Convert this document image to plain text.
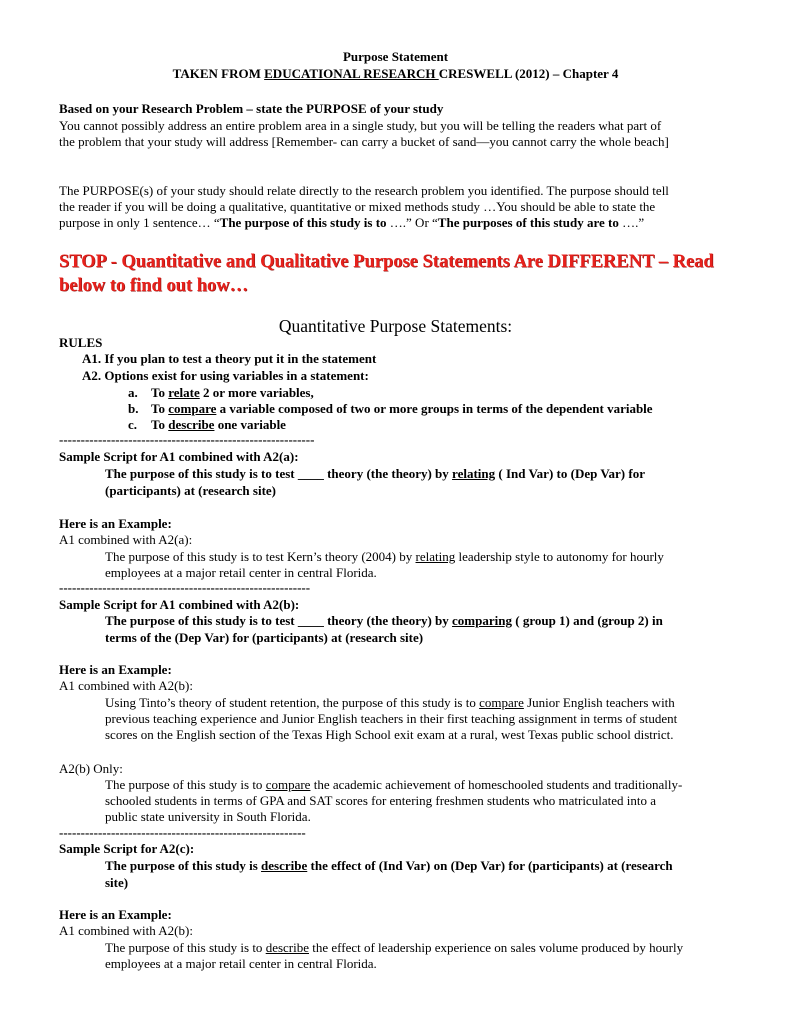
Purpose Statement
TAKEN FROM EDUCATIONAL RESEARCH CRESWELL (2012) – Chapter 4
Based on your Research Problem – state the PURPOSE of your study
You cannot possibly address an entire problem area in a single study, but you will be telling the readers what part of
the problem that your study will address [Remember- can carry a bucket of sand—you cannot carry the whole beach]
The PURPOSE(s) of your study should relate directly to the research problem you identified. The purpose should tell
the reader if you will be doing a qualitative, quantitative or mixed methods study …You should be able to state the
purpose in only 1 sentence… “The purpose of this study is to ….” Or “The purposes of this study are to ….”
STOP - Quantitative and Qualitative Purpose Statements Are DIFFERENT – Read
below to find out how…
Quantitative Purpose Statements:
RULES
A1. If you plan to test a theory put it in the statement
A2. Options exist for using variables in a statement:
a. To relate 2 or more variables,
b. To compare a variable composed of two or more groups in terms of the dependent variable
c. To describe one variable
-----------------------------------------------------------
Sample Script for A1 combined with A2(a):
The purpose of this study is to test ____ theory (the theory) by relating ( Ind Var) to (Dep Var) for
(participants) at (research site)
Here is an Example:
A1 combined with A2(a):
The purpose of this study is to test Kern’s theory (2004) by relating leadership style to autonomy for hourly
employees at a major retail center in central Florida.
----------------------------------------------------------
Sample Script for A1 combined with A2(b):
The purpose of this study is to test ____ theory (the theory) by comparing ( group 1) and (group 2) in
terms of the (Dep Var) for (participants) at (research site)
Here is an Example:
A1 combined with A2(b):
Using Tinto’s theory of student retention, the purpose of this study is to compare Junior English teachers with
previous teaching experience and Junior English teachers in their first teaching assignment in terms of student
scores on the English section of the Texas High School exit exam at a rural, west Texas public school district.
A2(b) Only:
The purpose of this study is to compare the academic achievement of homeschooled students and traditionally-
schooled students in terms of GPA and SAT scores for entering freshmen students who matriculated into a
public state university in South Florida.
---------------------------------------------------------
Sample Script for A2(c):
The purpose of this study is describe the effect of (Ind Var) on (Dep Var) for (participants) at (research
site)
Here is an Example:
A1 combined with A2(b):
The purpose of this study is to describe the effect of leadership experience on sales volume produced by hourly
employees at a major retail center in central Florida.
